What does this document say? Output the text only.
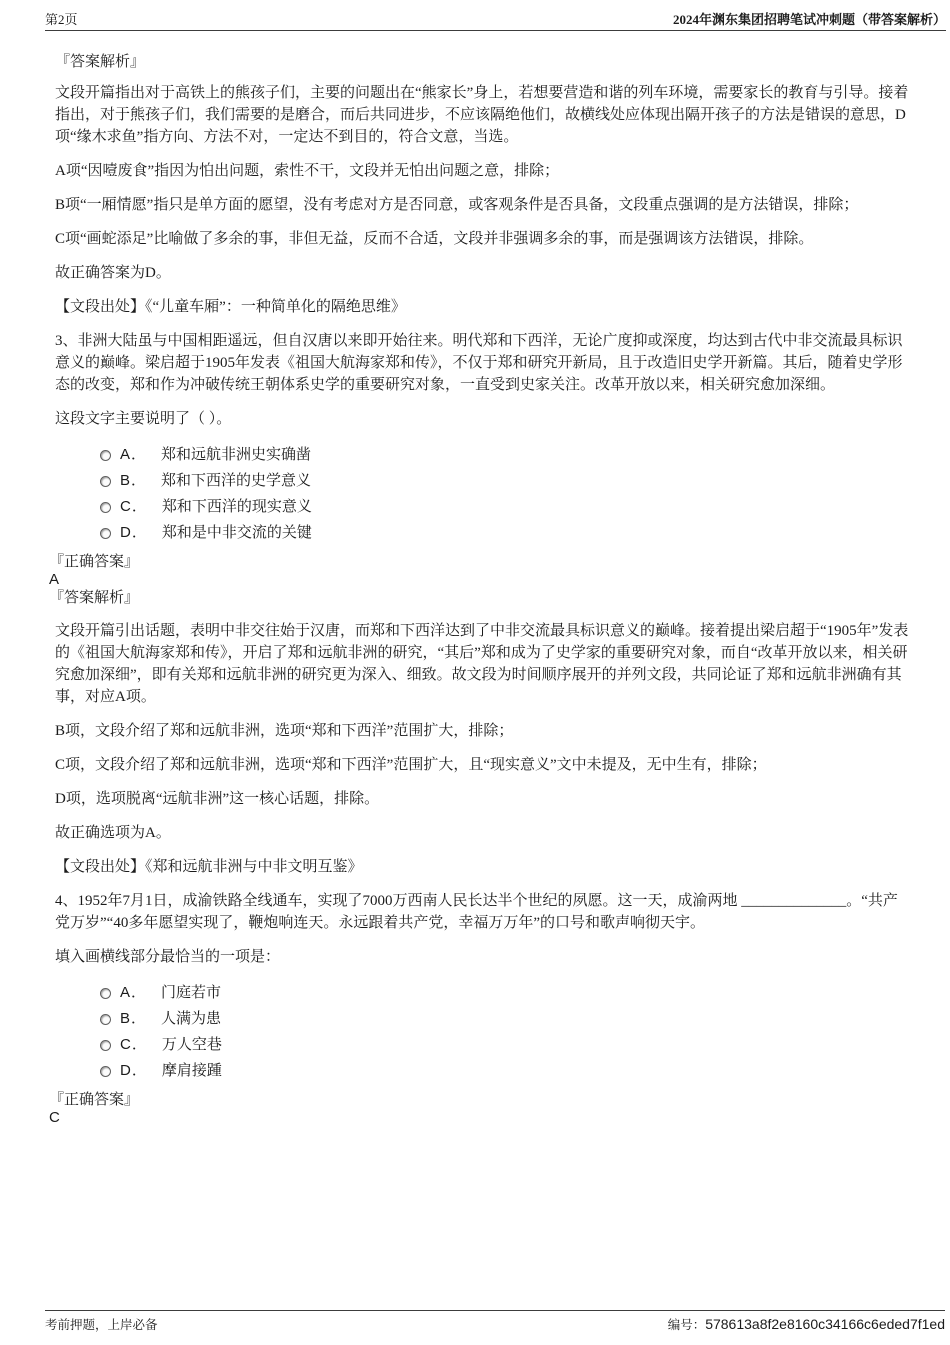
第2页	2024年渊东集团招聘笔试冲刺题（带答案解析）

『答案解析』

文段开篇指出对于高铁上的熊孩子们，主要的问题出在“熊家长”身上，若想要营造和谐的列车环境，需要家长的教育与引导。接着指出，对于熊孩子们，我们需要的是磨合，而后共同进步，不应该隔绝他们，故横线处应体现出隔开孩子的方法是错误的意思，D项“缘木求鱼”指方向、方法不对，一定达不到目的，符合文意，当选。

A项“因噎废食”指因为怕出问题，索性不干，文段并无怕出问题之意，排除；

B项“一厢情愿”指只是单方面的愿望，没有考虑对方是否同意，或客观条件是否具备，文段重点强调的是方法错误，排除；

C项“画蛇添足”比喻做了多余的事，非但无益，反而不合适，文段并非强调多余的事，而是强调该方法错误，排除。

故正确答案为D。

【文段出处】《“儿童车厢”：一种简单化的隔绝思维》

3、非洲大陆虽与中国相距遥远，但自汉唐以来即开始往来。明代郑和下西洋，无论广度抑或深度，均达到古代中非交流最具标识意义的巅峰。梁启超于1905年发表《祖国大航海家郑和传》，不仅于郑和研究开新局，且于改造旧史学开新篇。其后，随着史学形态的改变，郑和作为冲破传统王朝体系史学的重要研究对象，一直受到史家关注。改革开放以来，相关研究愈加深细。

这段文字主要说明了（ ）。

A． 郑和远航非洲史实确凿
B． 郑和下西洋的史学意义
C． 郑和下西洋的现实意义
D． 郑和是中非交流的关键

『正确答案』

A

『答案解析』

文段开篇引出话题，表明中非交往始于汉唐，而郑和下西洋达到了中非交流最具标识意义的巅峰。接着提出梁启超于“1905年”发表的《祖国大航海家郑和传》，开启了郑和远航非洲的研究，“其后”郑和成为了史学家的重要研究对象，而自“改革开放以来，相关研究愈加深细”，即有关郑和远航非洲的研究更为深入、细致。故文段为时间顺序展开的并列文段，共同论证了郑和远航非洲确有其事，对应A项。

B项，文段介绍了郑和远航非洲，选项“郑和下西洋”范围扩大，排除；

C项，文段介绍了郑和远航非洲，选项“郑和下西洋”范围扩大，且“现实意义”文中未提及，无中生有，排除；

D项，选项脱离“远航非洲”这一核心话题，排除。

故正确选项为A。

【文段出处】《郑和远航非洲与中非文明互鉴》

4、1952年7月1日，成渝铁路全线通车，实现了7000万西南人民长达半个世纪的夙愿。这一天，成渝两地 ______________。“共产党万岁”“40多年愿望实现了，鞭炮响连天。永远跟着共产党，幸福万万年”的口号和歌声响彻天宇。

填入画横线部分最恰当的一项是：

A． 门庭若市
B． 人满为患
C． 万人空巷
D． 摩肩接踵

『正确答案』

C

考前押题，上岸必备	编号：578613a8f2e8160c34166c6eded7f1ed
